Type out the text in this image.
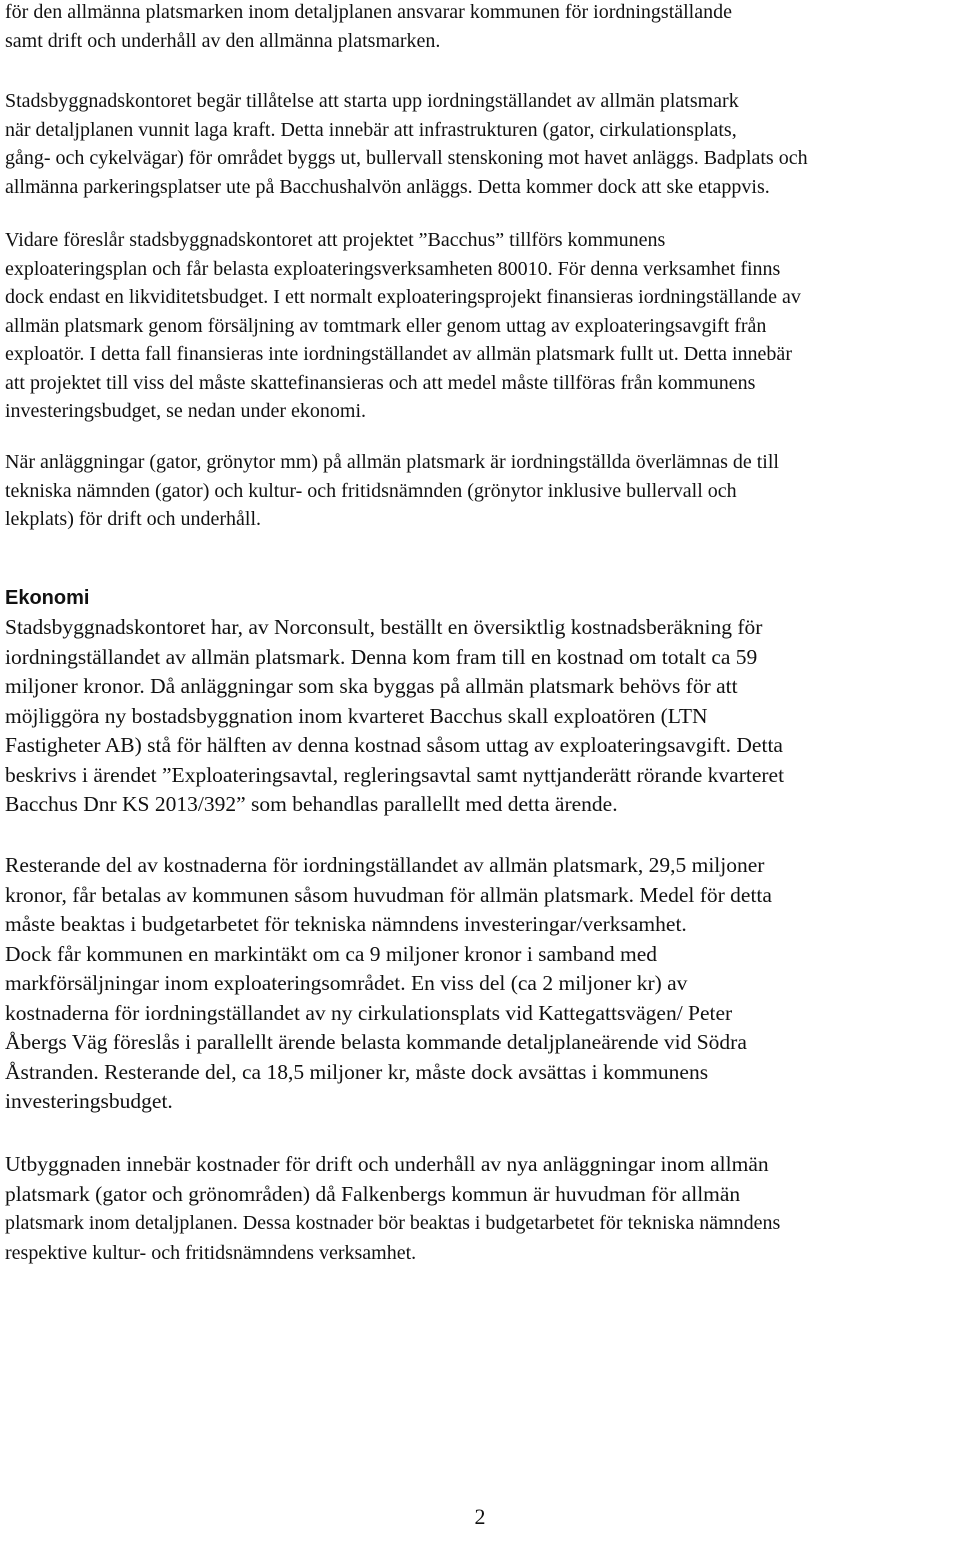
för den allmänna platsmarken inom detaljplanen ansvarar kommunen för iordningställande
samt drift och underhåll av den allmänna platsmarken.

Stadsbyggnadskontoret begär tillåtelse att starta upp iordningställandet av allmän platsmark
när detaljplanen vunnit laga kraft. Detta innebär att infrastrukturen (gator, cirkulationsplats,
gång- och cykelvägar) för området byggs ut, bullervall stenskoning mot havet anläggs. Badplats och
allmänna parkeringsplatser ute på Bacchushalvön anläggs. Detta kommer dock att ske etappvis.

Vidare föreslår stadsbyggnadskontoret att projektet ”Bacchus” tillförs kommunens
exploateringsplan och får belasta exploateringsverksamheten 80010. För denna verksamhet finns
dock endast en likviditetsbudget. I ett normalt exploateringsprojekt finansieras iordningställande av
allmän platsmark genom försäljning av tomtmark eller genom uttag av exploateringsavgift från
exploatör. I detta fall finansieras inte iordningställandet av allmän platsmark fullt ut. Detta innebär
att projektet till viss del måste skattefinansieras och att medel måste tillföras från kommunens
investeringsbudget, se nedan under ekonomi.

När anläggningar (gator, grönytor mm) på allmän platsmark är iordningställda överlämnas de till
tekniska nämnden (gator) och kultur- och fritidsnämnden (grönytor inklusive bullervall och
lekplats) för drift och underhåll.

Ekonomi

Stadsbyggnadskontoret har, av Norconsult, beställt en översiktlig kostnadsberäkning för
iordningställandet av allmän platsmark. Denna kom fram till en kostnad om totalt ca 59
miljoner kronor. Då anläggningar som ska byggas på allmän platsmark behövs för att
möjliggöra ny bostadsbyggnation inom kvarteret Bacchus skall exploatören (LTN
Fastigheter AB) stå för hälften av denna kostnad såsom uttag av exploateringsavgift. Detta
beskrivs i ärendet ”Exploateringsavtal, regleringsavtal samt nyttjanderätt rörande kvarteret
Bacchus Dnr KS 2013/392” som behandlas parallellt med detta ärende.

Resterande del av kostnaderna för iordningställandet av allmän platsmark, 29,5 miljoner
kronor, får betalas av kommunen såsom huvudman för allmän platsmark. Medel för detta
måste beaktas i budgetarbetet för tekniska nämndens investeringar/verksamhet.
Dock får kommunen en markintäkt om ca 9 miljoner kronor i samband med
markförsäljningar inom exploateringsområdet. En viss del (ca 2 miljoner kr) av
kostnaderna för iordningställandet av ny cirkulationsplats vid Kattegattsvägen/ Peter
Åbergs Väg föreslås i parallellt ärende belasta kommande detaljplaneärende vid Södra
Åstranden. Resterande del, ca 18,5 miljoner kr, måste dock avsättas i kommunens
investeringsbudget.

Utbyggnaden innebär kostnader för drift och underhåll av nya anläggningar inom allmän
platsmark (gator och grönområden) då Falkenbergs kommun är huvudman för allmän
platsmark inom detaljplanen. Dessa kostnader bör beaktas i budgetarbetet för tekniska nämndens
respektive kultur- och fritidsnämndens verksamhet.

2
